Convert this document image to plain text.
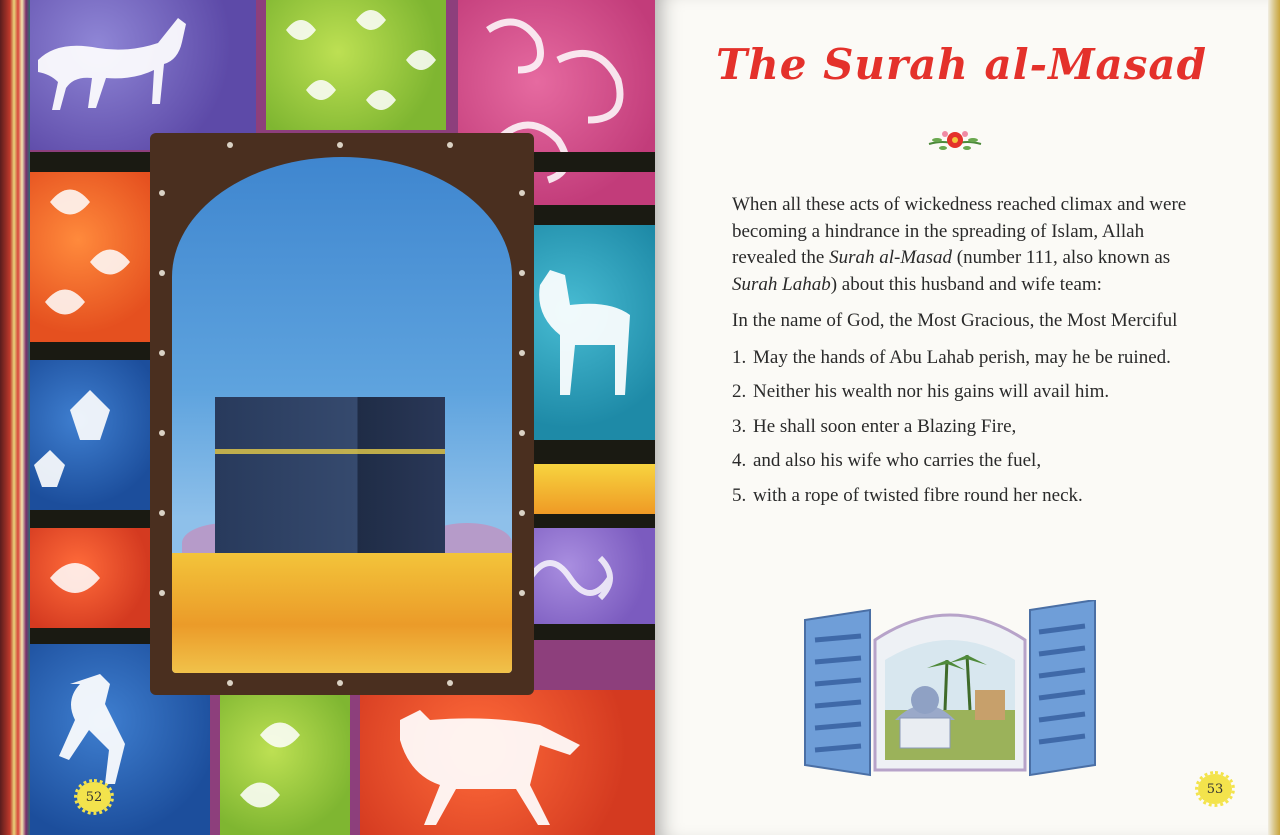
52
The Surah al-Masad

When all these acts of wickedness reached climax and were becoming a hindrance in the spreading of Islam, Allah revealed the Surah al-Masad (number 111, also known as Surah Lahab) about this husband and wife team:

In the name of God, the Most Gracious, the Most Merciful

1. May the hands of Abu Lahab perish, may he be ruined.
2. Neither his wealth nor his gains will avail him.
3. He shall soon enter a Blazing Fire,
4. and also his wife who carries the fuel,
5. with a rope of twisted fibre round her neck.
53
